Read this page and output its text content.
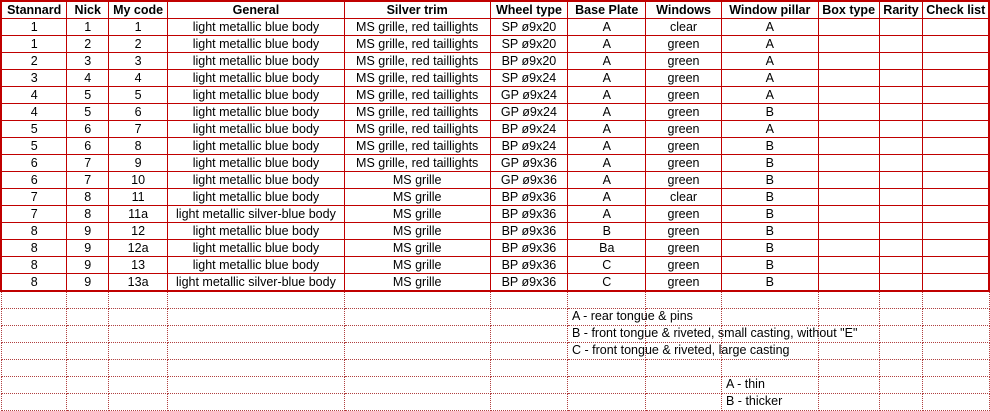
Stannard	Nick	My code	General	Silver trim	Wheel type	Base Plate	Windows	Window pillar	Box type	Rarity	Check list
1	1	1	light metallic blue body	MS grille, red taillights	SP ø9x20	A	clear	A			
1	2	2	light metallic blue body	MS grille, red taillights	SP ø9x20	A	green	A			
2	3	3	light metallic blue body	MS grille, red taillights	BP ø9x20	A	green	A			
3	4	4	light metallic blue body	MS grille, red taillights	SP ø9x24	A	green	A			
4	5	5	light metallic blue body	MS grille, red taillights	GP ø9x24	A	green	A			
4	5	6	light metallic blue body	MS grille, red taillights	GP ø9x24	A	green	B			
5	6	7	light metallic blue body	MS grille, red taillights	BP ø9x24	A	green	A			
5	6	8	light metallic blue body	MS grille, red taillights	BP ø9x24	A	green	B			
6	7	9	light metallic blue body	MS grille, red taillights	GP ø9x36	A	green	B			
6	7	10	light metallic blue body	MS grille	GP ø9x36	A	green	B			
7	8	11	light metallic blue body	MS grille	BP ø9x36	A	clear	B			
7	8	11a	light metallic silver-blue body	MS grille	BP ø9x36	A	green	B			
8	9	12	light metallic blue body	MS grille	BP ø9x36	B	green	B			
8	9	12a	light metallic blue body	MS grille	BP ø9x36	Ba	green	B			
8	9	13	light metallic blue body	MS grille	BP ø9x36	C	green	B			
8	9	13a	light metallic silver-blue body	MS grille	BP ø9x36	C	green	B			

A - rear tongue & pins
B - front tongue & riveted, small casting, without "E"
C - front tongue & riveted, large casting
A - thin
B - thicker
